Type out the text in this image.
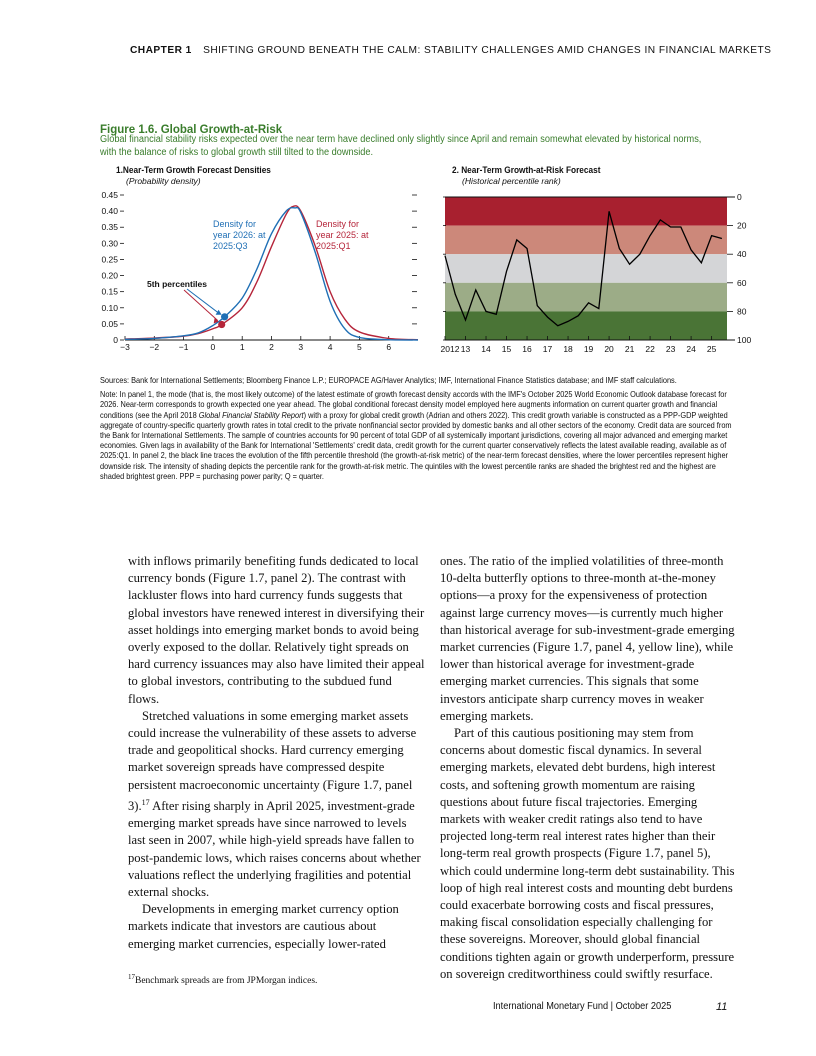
CHAPTER 1 SHIFTING GROUND BENEATH THE CALM: STABILITY CHALLENGES AMID CHANGES IN FINANCIAL MARKETS
Figure 1.6. Global Growth-at-Risk
Global financial stability risks expected over the near term have declined only slightly since April and remain somewhat elevated by historical norms, with the balance of risks to global growth still tilted to the downside.
1.Near-Term Growth Forecast Densities
(Probability density)
0
0.05
0.10
0.15
0.20
0.25
0.30
0.35
0.40
0.45
−3 −2 −1	0	1	2	3	4	5	6
Density for
year 2026: at
2025:Q3
Density for
year 2025: at
2025:Q1
5th percentiles
2. Near-Term Growth-at-Risk Forecast
(Historical percentile rank)
0
20
40
60
80
100
2012 13 14 15 16 17 18 19 20 21 22 23 24 25

Sources: Bank for International Settlements; Bloomberg Finance L.P.; EUROPACE AG/Haver Analytics; IMF, International Finance Statistics database; and IMF staff calculations.

Note: In panel 1, the mode (that is, the most likely outcome) of the latest estimate of growth forecast density accords with the IMF's October 2025 World Economic Outlook database forecast for 2026. Near-term corresponds to growth expected one year ahead. The global conditional forecast density model employed here augments information on current quarter growth and financial conditions (see the April 2018 Global Financial Stability Report) with a proxy for global credit growth (Adrian and others 2022). This credit growth variable is constructed as a PPP-GDP weighted aggregate of country-specific quarterly growth rates in total credit to the private nonfinancial sector provided by domestic banks and all other sectors of the economy. Credit data are sourced from the Bank for International Settlements. The sample of countries accounts for 90 percent of total GDP of all systemically important jurisdictions, covering all major advanced and emerging market economies. Given lags in availability of the Bank for International 'Settlements' credit data, credit growth for the current quarter conservatively reflects the latest available reading, available as of 2025:Q1. In panel 2, the black line traces the evolution of the fifth percentile threshold (the growth-at-risk metric) of the near-term forecast densities, where the lower percentiles represent higher downside risk. The intensity of shading depicts the percentile rank for the growth-at-risk metric. The quintiles with the lowest percentile ranks are shaded the brightest red and the highest are shaded brightest green. PPP = purchasing power parity; Q = quarter.

with inflows primarily benefiting funds dedicated to local currency bonds (Figure 1.7, panel 2). The contrast with lackluster flows into hard currency funds suggests that global investors have renewed interest in diversifying their asset holdings into emerging market bonds to avoid being overly exposed to the dollar. Relatively tight spreads on hard currency issuances may also have limited their appeal to global investors, contributing to the subdued fund flows.

Stretched valuations in some emerging market assets could increase the vulnerability of these assets to adverse trade and geopolitical shocks. Hard currency emerging market sovereign spreads have compressed despite persistent macroeconomic uncertainty (Figure 1.7, panel 3).$^{17}$ After rising sharply in April 2025, investment-grade emerging market spreads have since narrowed to levels last seen in 2007, while high-yield spreads have fallen to post-pandemic lows, which raises concerns about whether valuations reflect the underlying fragilities and potential external shocks.

Developments in emerging market currency option markets indicate that investors are cautious about emerging market currencies, especially lower-rated

ones. The ratio of the implied volatilities of three-month 10-delta butterfly options to three-month at-the-money options—a proxy for the expensiveness of protection against large currency moves—is currently much higher than historical average for sub-investment-grade emerging market currencies (Figure 1.7, panel 4, yellow line), while lower than historical average for investment-grade emerging market currencies. This signals that some investors anticipate sharp currency moves in weaker emerging markets.

Part of this cautious positioning may stem from concerns about domestic fiscal dynamics. In several emerging markets, elevated debt burdens, high interest costs, and softening growth momentum are raising questions about future fiscal trajectories. Emerging markets with weaker credit ratings also tend to have projected long-term real interest rates higher than their long-term real growth prospects (Figure 1.7, panel 5), which could undermine long-term debt sustainability. This loop of high real interest costs and mounting debt burdens could exacerbate borrowing costs and fiscal pressures, making fiscal consolidation especially challenging for these sovereigns. Moreover, should global financial conditions tighten again or growth underperform, pressure on sovereign creditworthiness could swiftly resurface.

$^{17}$Benchmark spreads are from JPMorgan indices.
International Monetary Fund | October 2025	11
